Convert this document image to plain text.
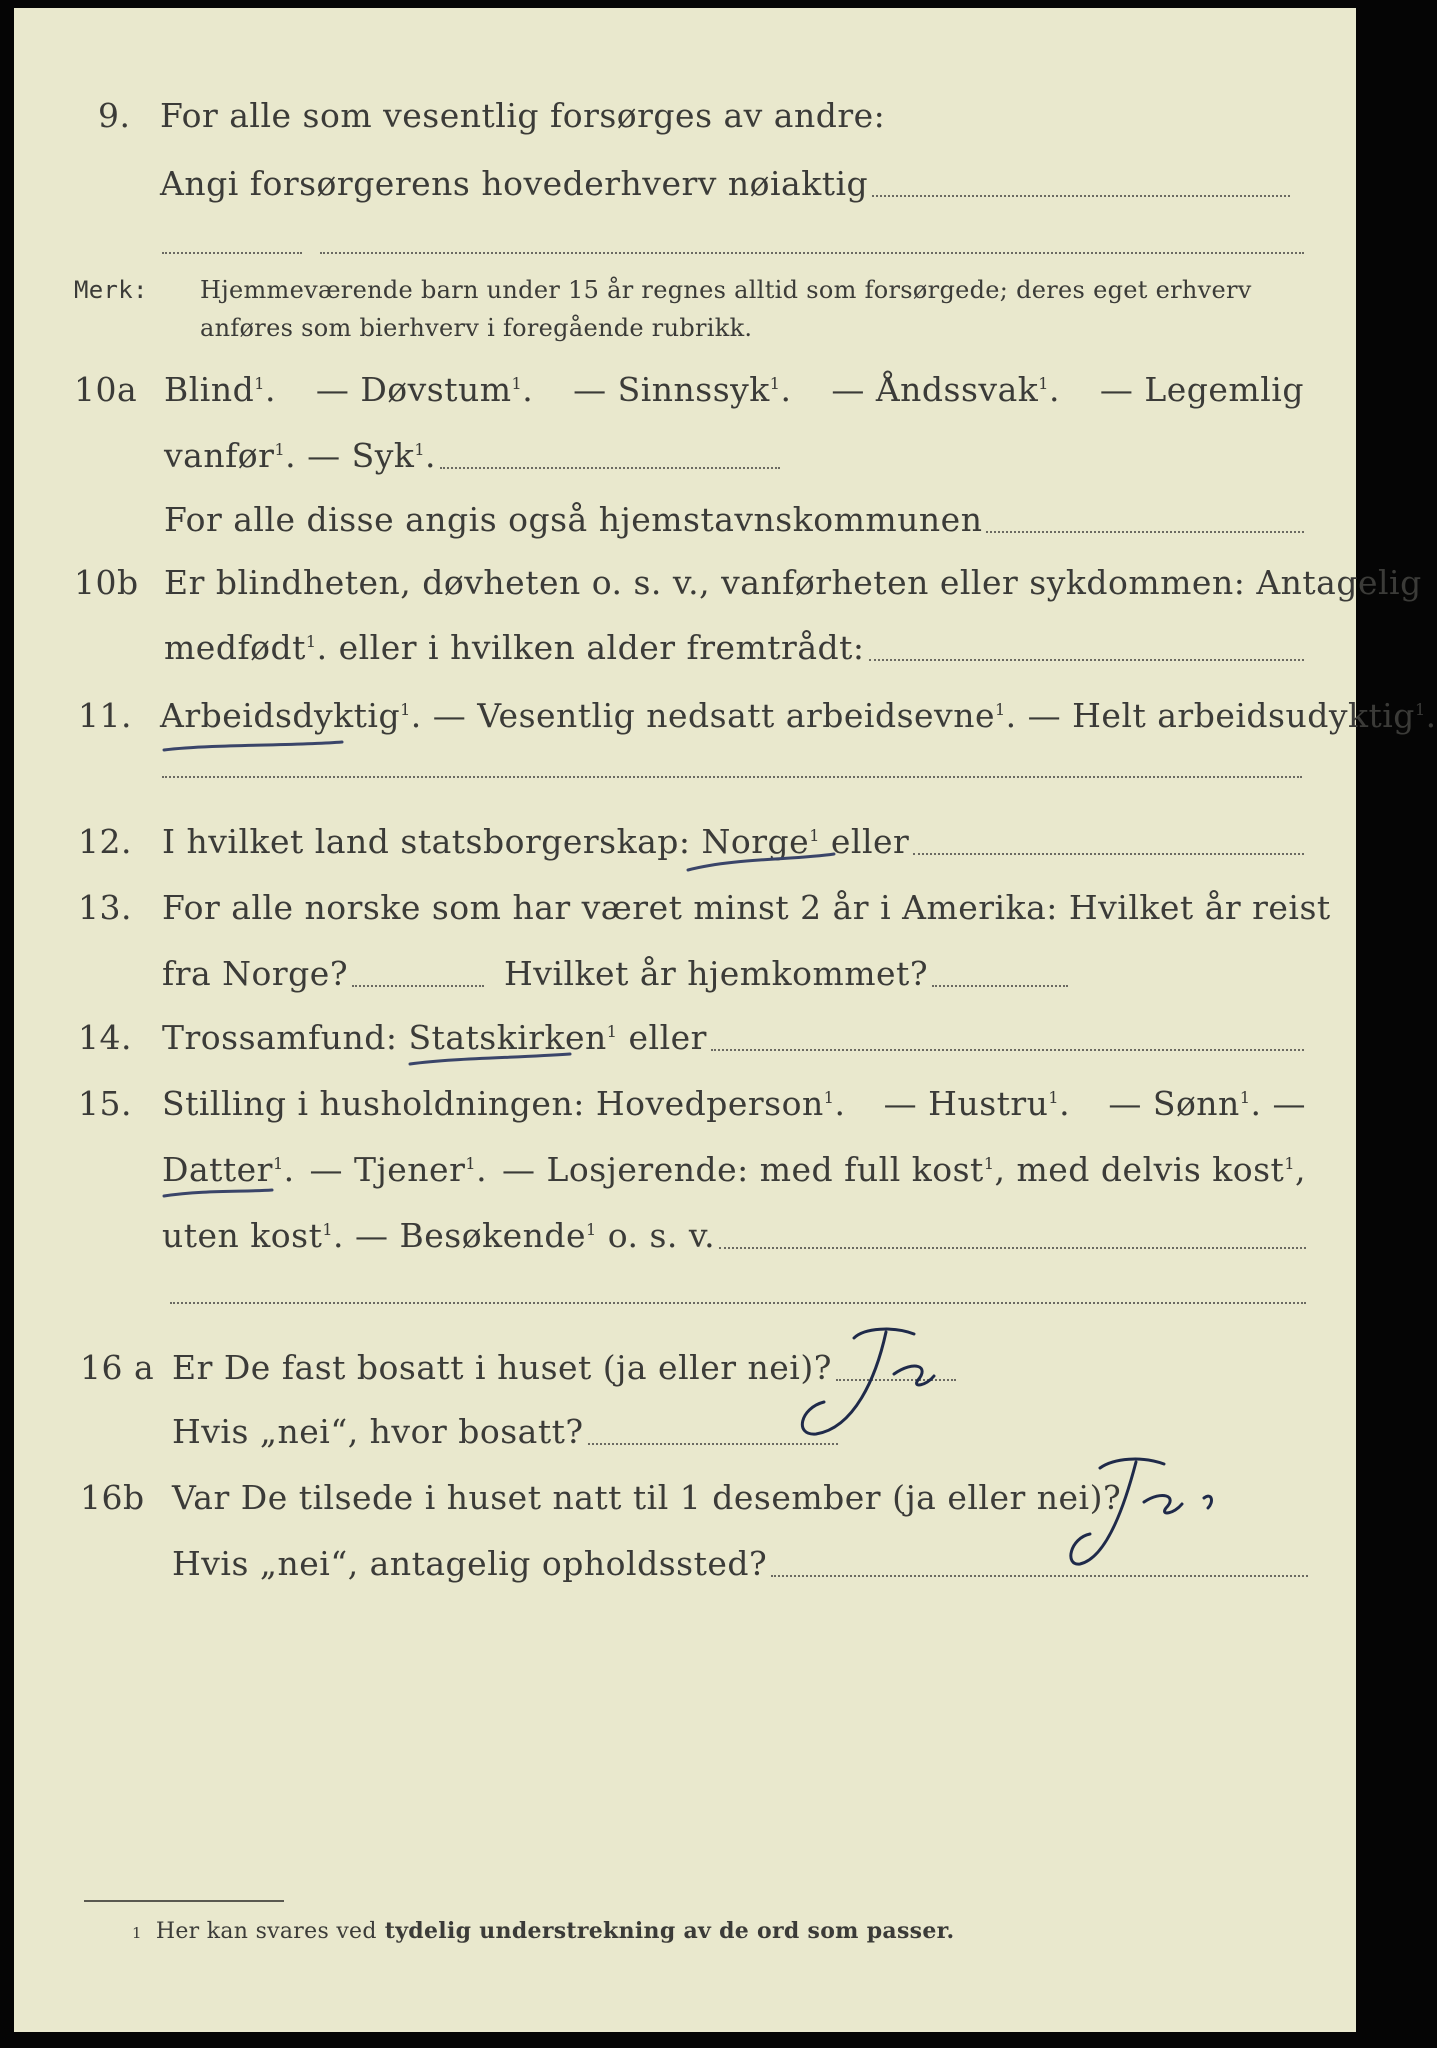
9. For alle som vesentlig forsørges av andre:
Angi forsørgerens hovederhverv nøiaktig
Merk: Hjemmeværende barn under 15 år regnes alltid som forsørgede; deres eget erhverv
anføres som bierhverv i foregående rubrikk.
10a Blind$^1$. — Døvstum$^1$. — Sinnssyk$^1$. — Åndssvak$^1$. — Legemlig
vanfør$^1$. — Syk$^1$.
For alle disse angis også hjemstavnskommunen
10b Er blindheten, døvheten o. s. v., vanførheten eller sykdommen: Antagelig
medfødt$^1$. eller i hvilken alder fremtrådt:
11. Arbeidsdyktig$^1$. — Vesentlig nedsatt arbeidsevne$^1$. — Helt arbeidsudyktig$^1$.
12. I hvilket land statsborgerskap: Norge$^1$ eller
13. For alle norske som har været minst 2 år i Amerika: Hvilket år reist
fra Norge?	Hvilket år hjemkommet?
14. Trossamfund: Statskirken$^1$ eller
15. Stilling i husholdningen: Hovedperson$^1$. — Hustru$^1$. — Sønn$^1$. —
Datter$^1$. — Tjener$^1$. — Losjerende: med full kost$^1$, med delvis kost$^1$,
uten kost$^1$. — Besøkende$^1$ o. s. v.
16 a Er De fast bosatt i huset (ja eller nei)?
Hvis „nei“, hvor bosatt?
16b Var De tilsede i huset natt til 1 desember (ja eller nei)?
Hvis „nei“, antagelig opholdssted?
1 Her kan svares ved tydelig understrekning av de ord som passer.
